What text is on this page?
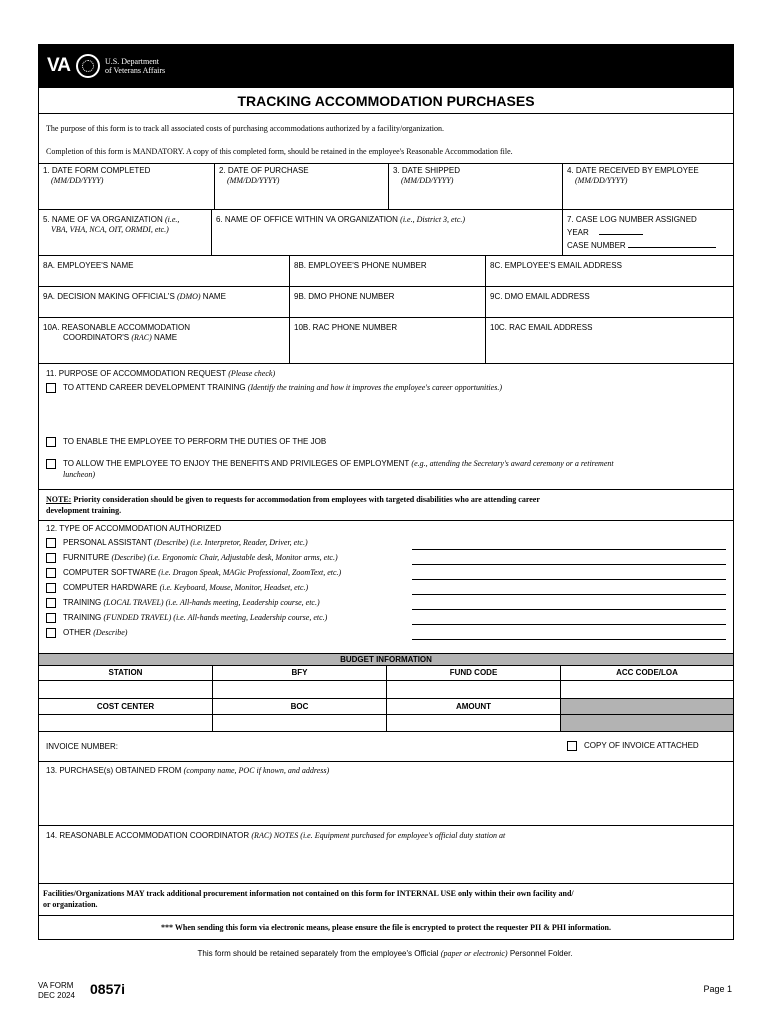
VA	U.S. Department
of Veterans Affairs
TRACKING ACCOMMODATION PURCHASES
The purpose of this form is to track all associated costs of purchasing accommodations authorized by a facility/organization.
Completion of this form is MANDATORY. A copy of this completed form, should be retained in the employee's Reasonable Accommodation file.
1. DATE FORM COMPLETED
(MM/DD/YYYY)
2. DATE OF PURCHASE
(MM/DD/YYYY)
3. DATE SHIPPED
(MM/DD/YYYY)
4. DATE RECEIVED BY EMPLOYEE
(MM/DD/YYYY)
5. NAME OF VA ORGANIZATION (i.e.,
VBA, VHA, NCA, OIT, ORMDI, etc.)
6. NAME OF OFFICE WITHIN VA ORGANIZATION (i.e., District 3, etc.)	7. CASE LOG NUMBER ASSIGNED
YEAR
CASE NUMBER
8A. EMPLOYEE'S NAME	8B. EMPLOYEE'S PHONE NUMBER	8C. EMPLOYEE'S EMAIL ADDRESS
9A. DECISION MAKING OFFICIAL'S (DMO) NAME	9B. DMO PHONE NUMBER	9C. DMO EMAIL ADDRESS
10A. REASONABLE ACCOMMODATION
COORDINATOR'S (RAC) NAME
10B. RAC PHONE NUMBER	10C. RAC EMAIL ADDRESS
11. PURPOSE OF ACCOMMODATION REQUEST (Please check)
TO ATTEND CAREER DEVELOPMENT TRAINING (Identify the training and how it improves the employee's career opportunities.)
TO ENABLE THE EMPLOYEE TO PERFORM THE DUTIES OF THE JOB
TO ALLOW THE EMPLOYEE TO ENJOY THE BENEFITS AND PRIVILEGES OF EMPLOYMENT (e.g., attending the Secretary's award ceremony or a retirement
luncheon)
NOTE: Priority consideration should be given to requests for accommodation from employees with targeted disabilities who are attending career
development training.
12. TYPE OF ACCOMMODATION AUTHORIZED
PERSONAL ASSISTANT (Describe) (i.e. Interpretor, Reader, Driver, etc.)
FURNITURE (Describe) (i.e. Ergonomic Chair, Adjustable desk, Monitor arms, etc.)
COMPUTER SOFTWARE (i.e. Dragon Speak, MAGic Professional, ZoomText, etc.)
COMPUTER HARDWARE (i.e. Keyboard, Mouse, Monitor, Headset, etc.)
TRAINING (LOCAL TRAVEL) (i.e. All-hands meeting, Leadership course, etc.)
TRAINING (FUNDED TRAVEL) (i.e. All-hands meeting, Leadership course, etc.)
OTHER (Describe)
BUDGET INFORMATION
STATION	BFY	FUND CODE	ACC CODE/LOA
COST CENTER	BOC	AMOUNT
INVOICE NUMBER:	COPY OF INVOICE ATTACHED
13. PURCHASE(s) OBTAINED FROM (company name, POC if known, and address)
14. REASONABLE ACCOMMODATION COORDINATOR (RAC) NOTES (i.e. Equipment purchased for employee's official duty station at
Facilities/Organizations MAY track additional procurement information not contained on this form for INTERNAL USE only within their own facility and/
or organization.
*** When sending this form via electronic means, please ensure the file is encrypted to protect the requester PII & PHI information.
This form should be retained separately from the employee's Official (paper or electronic) Personnel Folder.
VA FORM
DEC 2024 0857i	Page 1
